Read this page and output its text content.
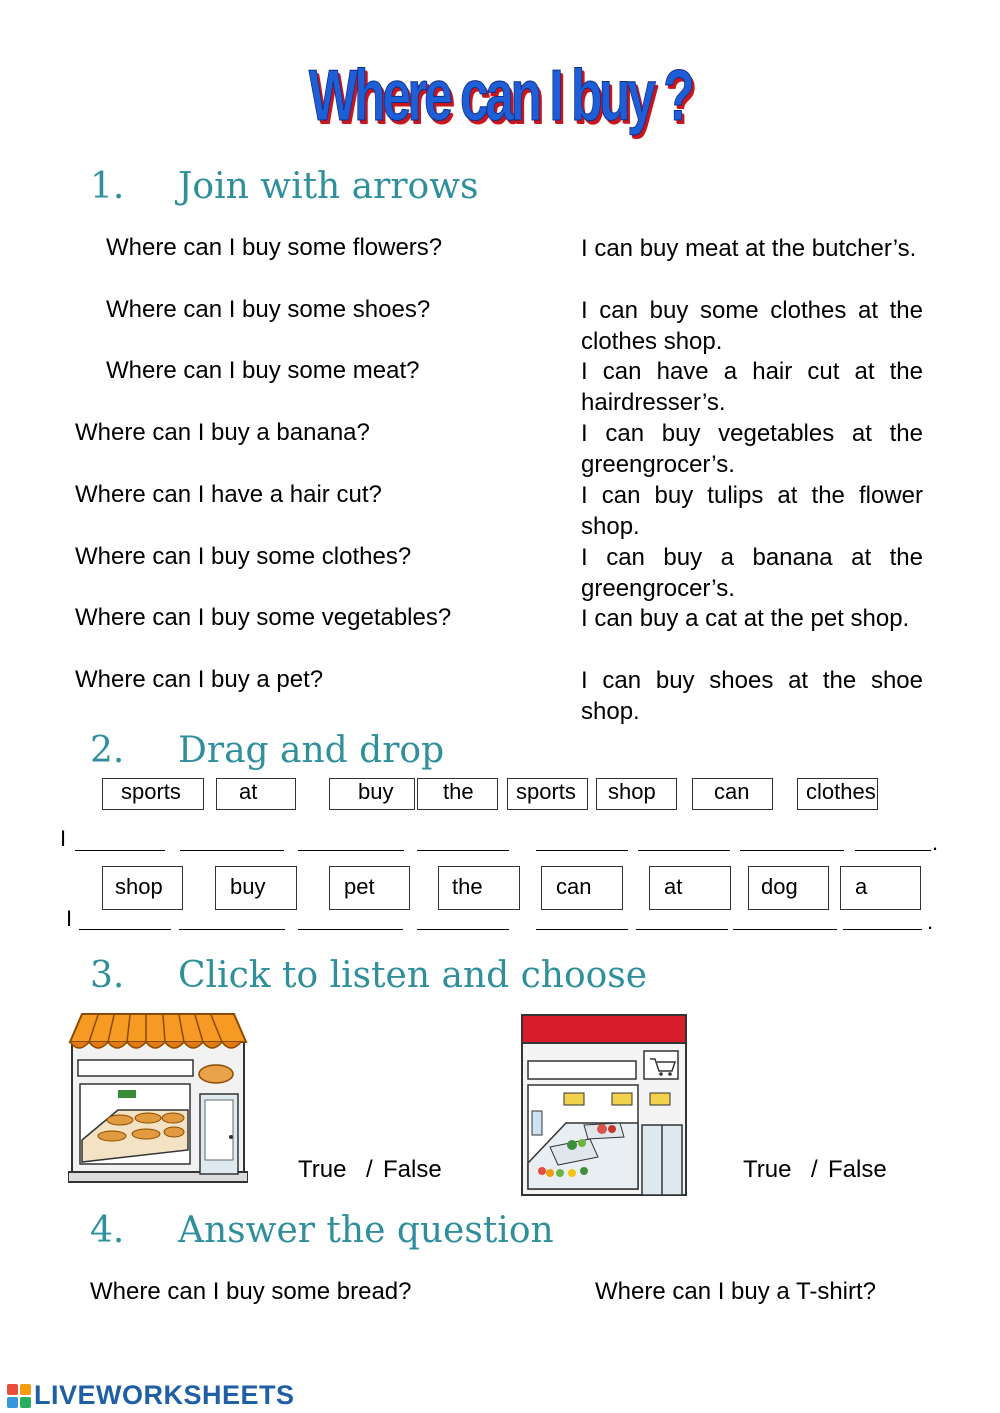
Where can I buy ?
1. Join with arrows
Where can I buy some flowers?
Where can I buy some shoes?
Where can I buy some meat?
Where can I buy a banana?
Where can I have a hair cut?
Where can I buy some clothes?
Where can I buy some vegetables?
Where can I buy a pet?
I can buy meat at the butcher’s.
I can buy some clothes at the clothes shop.
I can have a hair cut at the hairdresser’s.
I can buy vegetables at the greengrocer’s.
I can buy tulips at the flower shop.
I can buy a banana at the greengrocer’s.
I can buy a cat at the pet shop.
I can buy shoes at the shoe shop.
2. Drag and drop
sports	at	buy	the	sports	shop	can	clothes
I	.
shop	buy	pet	the	can	at	dog	a
I	.
3. Click to listen and choose
True / False	True / False
4. Answer the question
Where can I buy some bread?	Where can I buy a T-shirt?
LIVEWORKSHEETS
